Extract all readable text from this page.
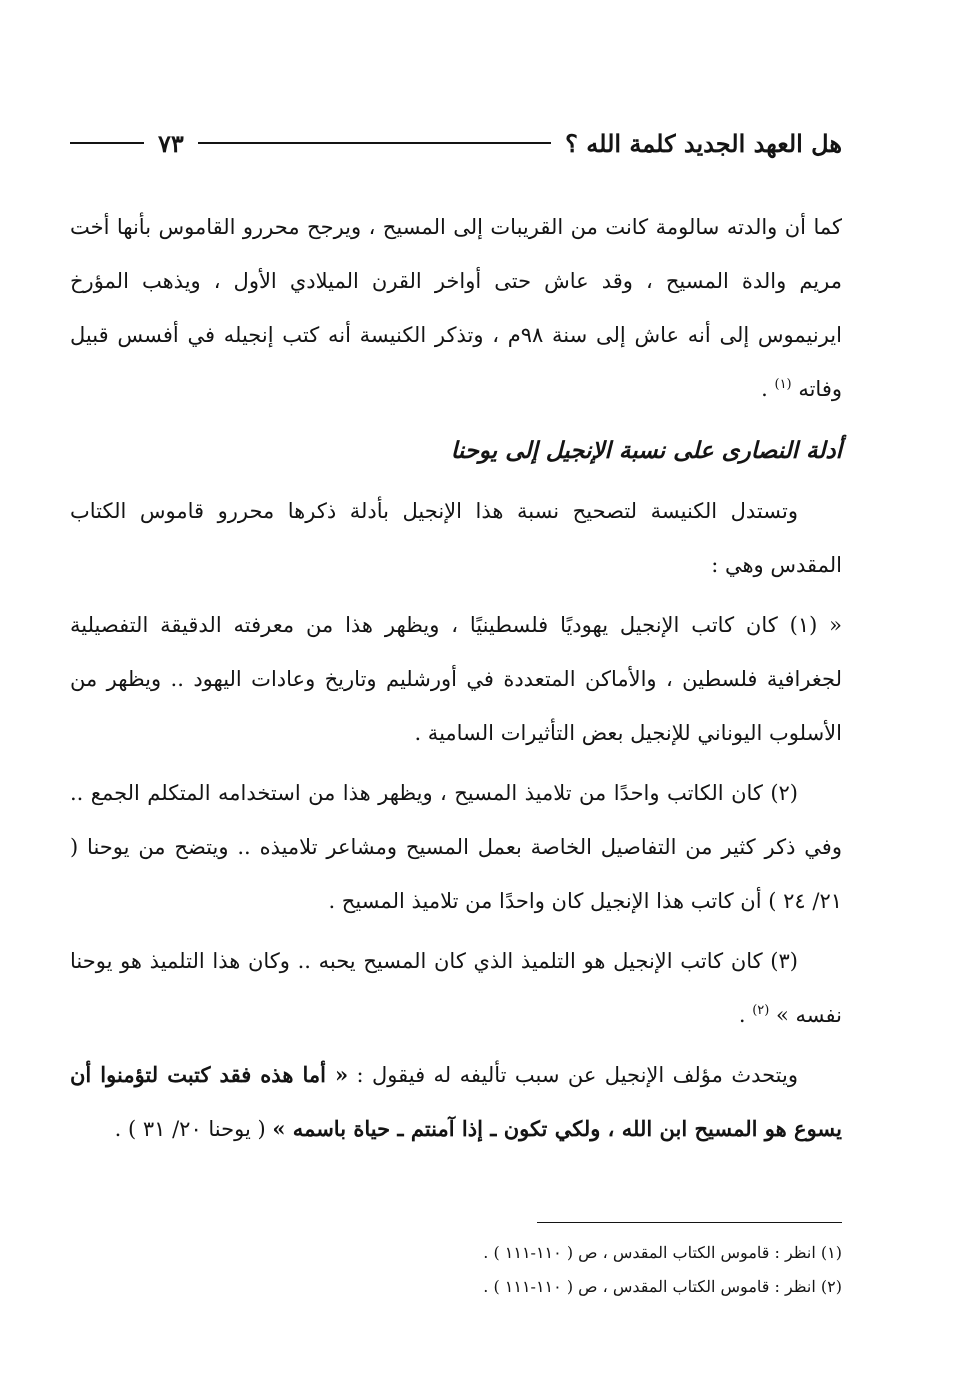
هل العهد الجديد كلمة الله ؟
٧٣

كما أن والدته سالومة كانت من القريبات إلى المسيح ، ويرجح محررو القاموس بأنها أخت مريم والدة المسيح ، وقد عاش حتى أواخر القرن الميلادي الأول ، ويذهب المؤرخ ايرنيموس إلى أنه عاش إلى سنة ٩٨م ، وتذكر الكنيسة أنه كتب إنجيله في أفسس قبيل وفاته $^{(١)}$ .

أدلة النصارى على نسبة الإنجيل إلى يوحنا

وتستدل الكنيسة لتصحيح نسبة هذا الإنجيل بأدلة ذكرها محررو قاموس الكتاب المقدس وهي :

« (١) كان كاتب الإنجيل يهوديًا فلسطينيًا ، ويظهر هذا من معرفته الدقيقة التفصيلية لجغرافية فلسطين ، والأماكن المتعددة في أورشليم وتاريخ وعادات اليهود .. ويظهر من الأسلوب اليوناني للإنجيل بعض التأثيرات السامية .

(٢) كان الكاتب واحدًا من تلاميذ المسيح ، ويظهر هذا من استخدامه المتكلم الجمع .. وفي ذكر كثير من التفاصيل الخاصة بعمل المسيح ومشاعر تلاميذه .. ويتضح من يوحنا ( ٢١/ ٢٤ ) أن كاتب هذا الإنجيل كان واحدًا من تلاميذ المسيح .

(٣) كان كاتب الإنجيل هو التلميذ الذي كان المسيح يحبه .. وكان هذا التلميذ هو يوحنا نفسه » $^{(٢)}$ .

ويتحدث مؤلف الإنجيل عن سبب تأليفه له فيقول : « أما هذه فقد كتبت لتؤمنوا أن يسوع هو المسيح ابن الله ، ولكي تكون ـ إذا آمنتم ـ حياة باسمه » ( يوحنا ٢٠/ ٣١ ) .

(١) انظر : قاموس الكتاب المقدس ، ص ( ١١٠-١١١ ) .
(٢) انظر : قاموس الكتاب المقدس ، ص ( ١١٠-١١١ ) .
